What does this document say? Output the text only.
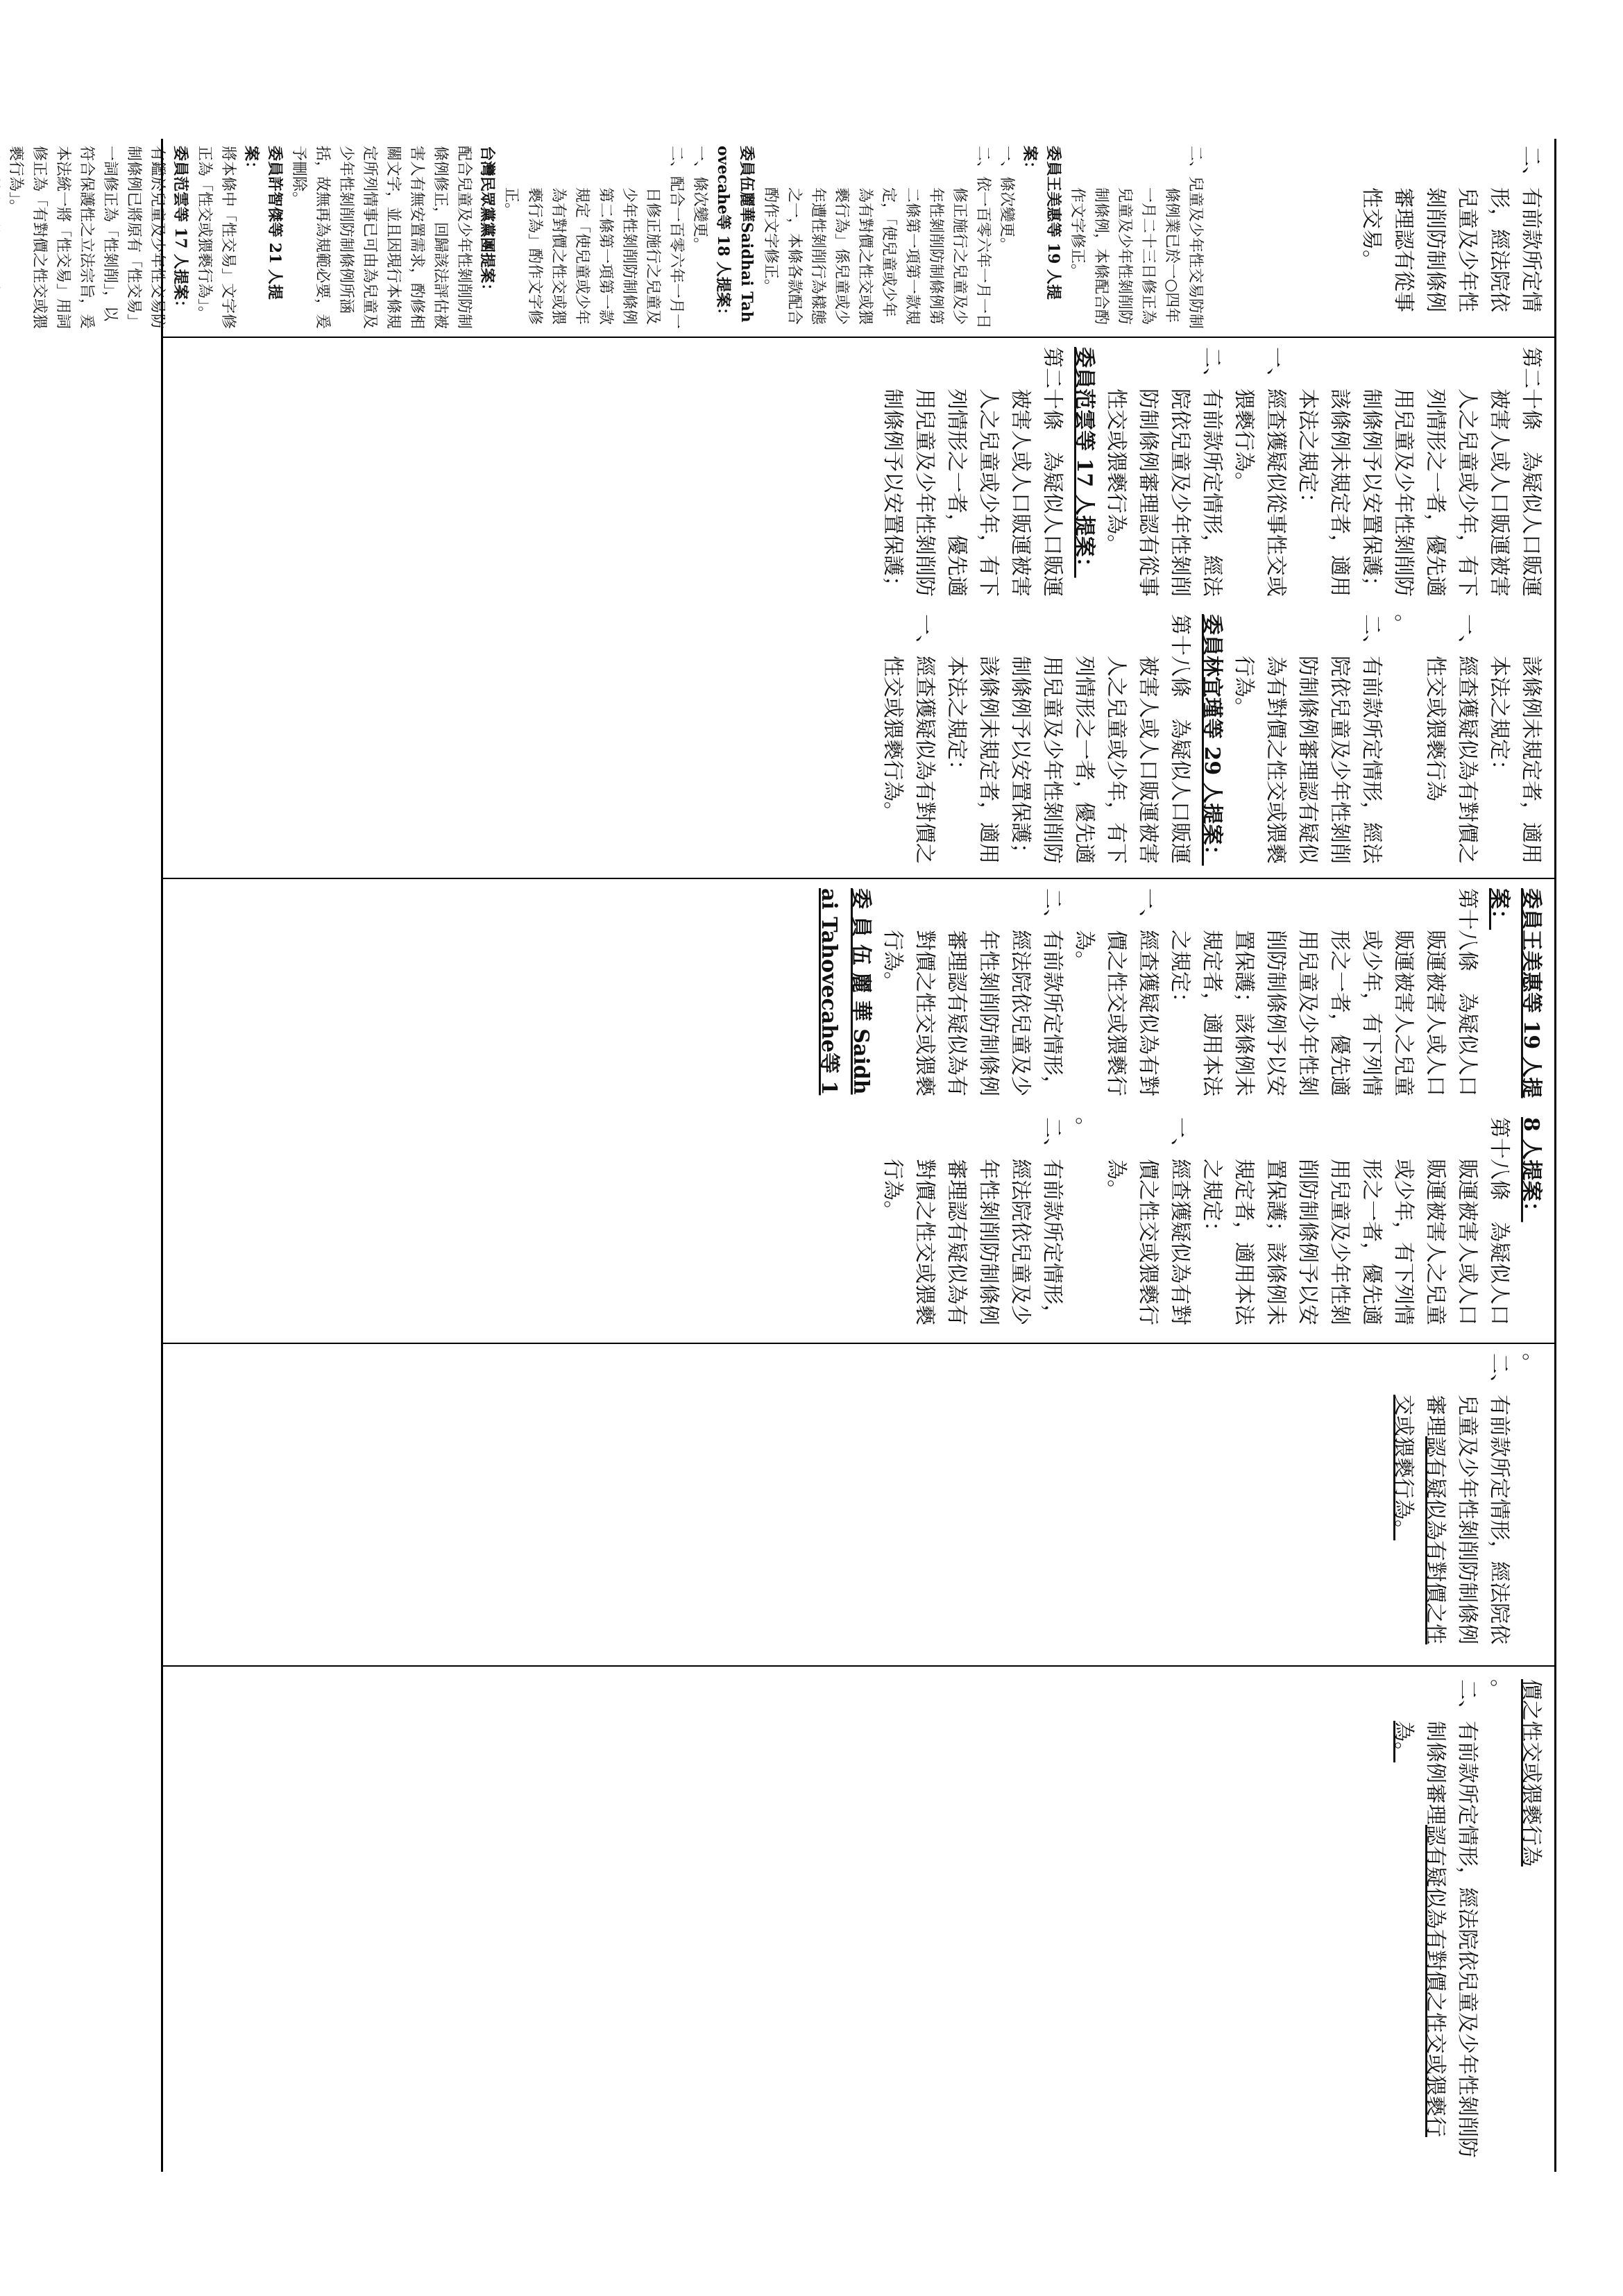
價之性交或猥褻行為

。

二、有前款所定情形，經法院依兒童及少年性剝削防制條例審理認有疑似為有對價之性交或猥褻行為。

。

二、有前款所定情形，經法院依兒童及少年性剝削防制條例審理認有疑似為有對價之性交或猥褻行為。

委員王美惠等 19 人提案：

第十八條　為疑似人口販運被害人或人口販運被害人之兒童或少年，有下列情形之一者，優先適用兒童及少年性剝削防制條例予以安置保護；該條例未規定者，適用本法之規定：

一、經查獲疑似為有對價之性交或猥褻行為。

二、有前款所定情形，經法院依兒童及少年性剝削防制條例審理認有疑似為有對價之性交或猥褻行為。

委 員 伍 麗 華 Saidhai Tahovecahe等 18 人提案：

第十八條　為疑似人口販運被害人或人口販運被害人之兒童或少年，有下列情形之一者，優先適用兒童及少年性剝削防制條例予以安置保護；該條例未規定者，適用本法之規定：

一、經查獲疑似為有對價之性交或猥褻行為。

。

二、有前款所定情形，經法院依兒童及少年性剝削防制條例審理認有疑似為有對價之性交或猥褻行為。

第二十條　為疑似人口販運被害人或人口販運被害人之兒童或少年，有下列情形之一者，優先適用兒童及少年性剝削防制條例予以安置保護；該條例未規定者，適用本法之規定：

一、經查獲疑似從事性交或猥褻行為。

二、有前款所定情形，經法院依兒童及少年性剝削防制條例審理認有從事性交或猥褻行為。

委員范雲等 17 人提案：

第二十條　為疑似人口販運被害人或人口販運被害人之兒童或少年，有下列情形之一者，優先適用兒童及少年性剝削防制條例予以安置保護；該條例未規定者，適用本法之規定：

一、經查獲疑似為有對價之性交或猥褻行為

。

二、有前款所定情形，經法院依兒童及少年性剝削防制條例審理認有疑似為有對價之性交或猥褻行為。

委員林宜瑾等 29 人提案：

第十八條　為疑似人口販運被害人或人口販運被害人之兒童或少年，有下列情形之一者，優先適用兒童及少年性剝削防制條例予以安置保護；該條例未規定者，適用本法之規定：

一、經查獲疑似為有對價之性交或猥褻行為。

二、有前款所定情形，經法院依兒童及少年性剝削防制條例審理認有從事性交易。

二、兒童及少年性交易防制條例業已於一○四年一月二十三日修正為兒童及少年性剝削防制條例，本條配合酌作文字修正。

委員王美惠等 19 人提案：

一、條次變更。

二、依一百零六年一月一日修正施行之兒童及少年性剝削防制條例第二條第一項第一款規定，「使兒童或少年為有對價之性交或猥褻行為」係兒童或少年遭性剝削行為樣態之一，本條各款配合酌作文字修正。

委員伍麗華Saidhai Tahovecahe等 18 人提案：

一、條次變更。

二、配合一百零六年一月一日修正施行之兒童及少年性剝削防制條例第二條第一項第一款規定「使兒童或少年為有對價之性交或猥褻行為」酌作文字修正。

台灣民眾黨黨團提案：

配合兒童及少年性剝削防制條例修正，回歸該法評估被害人有無安置需求，酌修相關文字，並且因現行本條規定所列情事已可由為兒童及少年性剝削防制條例所涵括，故無再為規範必要，爰予刪除。

委員許智傑等 21 人提案：

將本條中「性交易」文字修正為「性交或猥褻行為」。

委員范雲等 17 人提案：

有鑑於兒童及少年性交易防制條例已將原有「性交易」一詞修正為「性剝削」，以符合保護性之立法宗旨，爰本法統一將「性交易」用詞修正為「有對價之性交或猥褻行為」。
